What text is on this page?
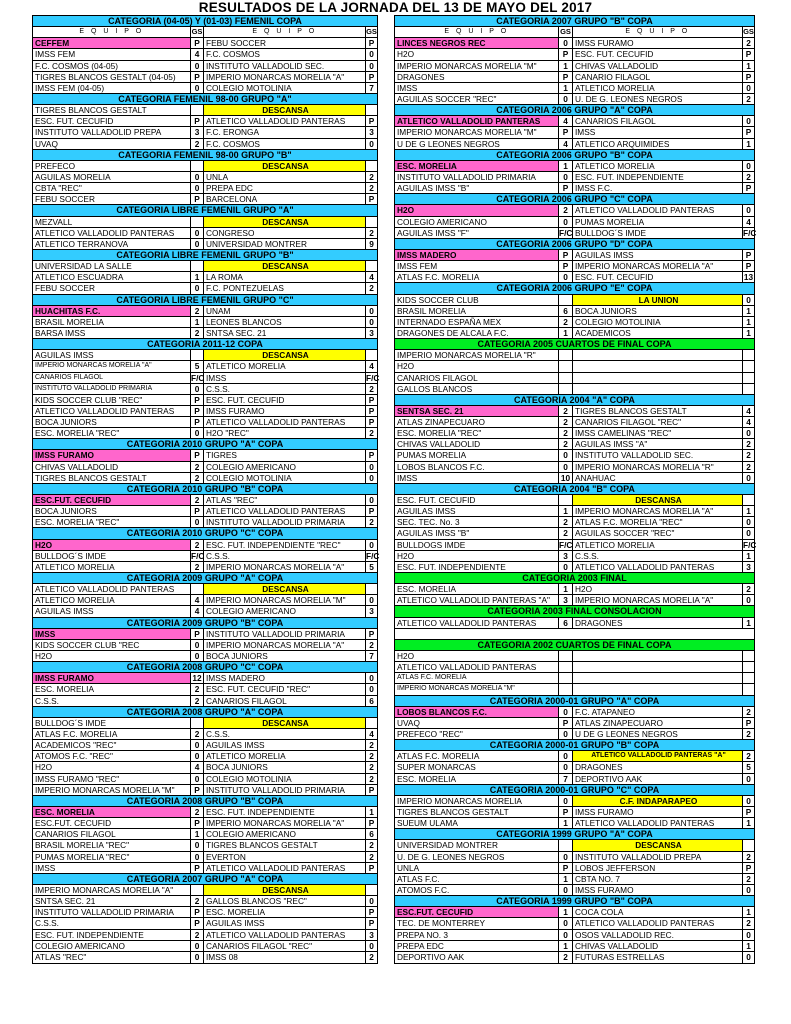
RESULTADOS DE LA JORNADA DEL 13 DE MAYO DEL 2017
CATEGORIA (04-05) Y (01-03) FEMENIL COPA
E Q U I P O	GS	E Q U I P O	GS
CEFFEM	P FEBU SOCCER	P
IMSS FEM	4 F.C. COSMOS	0
F.C. COSMOS (04-05)	0 INSTITUTO VALLADOLID SEC.	0
TIGRES BLANCOS GESTALT (04-05)	P IMPERIO MONARCAS MORELIA "A"	P
IMSS FEM (04-05)	0 COLEGIO MOTOLINIA	7
CATEGORIA FEMENIL 98-00 GRUPO "A"
TIGRES BLANCOS GESTALT	DESCANSA
ESC. FUT. CECUFID	P ATLETICO VALLADOLID PANTERAS	P
INSTITUTO VALLADOLID PREPA	3 F.C. ERONGA	3
UVAQ	2 F.C. COSMOS	0
CATEGORIA FEMENIL 98-00 GRUPO "B"
PREFECO	DESCANSA
AGUILAS MORELIA	0 UNLA	2
CBTA "REC"	0 PREPA EDC	2
FEBU SOCCER	P BARCELONA	P
CATEGORIA LIBRE FEMENIL GRUPO "A"
MEZVALL	DESCANSA
ATLETICO VALLADOLID PANTERAS	0 CONGRESO	2
ATLETICO TERRANOVA	0 UNIVERSIDAD MONTRER	9
CATEGORIA LIBRE FEMENIL GRUPO "B"
UNIVERSIDAD LA SALLE	DESCANSA
ATLETICO ESCUADRA	1 LA ROMA	4
FEBU SOCCER	0 F.C. PONTEZUELAS	2
CATEGORIA LIBRE FEMENIL GRUPO "C"
HUACHITAS F.C.	2 UNAM	0
BRASIL MORELIA	1 LEONES BLANCOS	0
BARSA IMSS	2 SNTSA SEC. 21	3
CATEGORIA 2011-12 COPA
AGUILAS IMSS	DESCANSA
IMPERIO MONARCAS MORELIA "A"	5 ATLETICO MORELIA	4
CANARIOS FILAGOL	F/C IMSS	F/C
INSTITUTO VALLADOLID PRIMARIA	0 C.S.S.	2
KIDS SOCCER CLUB "REC"	P ESC. FUT. CECUFID	P
ATLETICO VALLADOLID PANTERAS	P IMSS FURAMO	P
BOCA JUNIORS	P ATLETICO VALLADOLID PANTERAS	P
ESC. MORELIA "REC"	0 H2O "REC"	2
CATEGORIA 2010 GRUPO "A" COPA
IMSS FURAMO	P TIGRES	P
CHIVAS VALLADOLID	2 COLEGIO AMERICANO	0
TIGRES BLANCOS GESTALT	2 COLEGIO MOTOLINIA	0
CATEGORIA 2010 GRUPO "B" COPA
ESC.FUT. CECUFID	2 ATLAS "REC"	0
BOCA JUNIORS	P ATLETICO VALLADOLID PANTERAS	P
ESC. MORELIA "REC"	0 INSTITUTO VALLADOLID PRIMARIA	2
CATEGORIA 2010 GRUPO "C" COPA
H2O	2 ESC. FUT. INDEPENDIENTE "REC"	0
BULLDOG´S IMDE	F/C C.S.S.	F/C
ATLETICO MORELIA	2 IMPERIO MONARCAS MORELIA "A"	5
CATEGORIA 2009 GRUPO "A" COPA
ATLETICO VALLADOLID PANTERAS	DESCANSA
ATLETICO MORELIA	4 IMPERIO MONARCAS MORELIA "M"	0
AGUILAS IMSS	4 COLEGIO AMERICANO	3
CATEGORIA 2009 GRUPO "B" COPA
IMSS	P INSTITUTO VALLADOLID PRIMARIA	P
KIDS SOCCER CLUB "REC	0 IMPERIO MONARCAS MORELIA "A"	2
H2O	0 BOCA JUNIORS	7
CATEGORIA 2008 GRUPO "C" COPA
IMSS FURAMO	12 IMSS MADERO	0
ESC. MORELIA	2 ESC. FUT. CECUFID "REC"	0
C.S.S.	2 CANARIOS FILAGOL	6
CATEGORIA 2008 GRUPO "A" COPA
BULLDOG´S IMDE	DESCANSA
ATLAS F.C. MORELIA	2 C.S.S.	4
ACADEMICOS "REC"	0 AGUILAS IMSS	2
ATOMOS F.C. "REC"	0 ATLETICO MORELIA	2
H2O	4 BOCA JUNIORS	2
IMSS FURAMO "REC"	0 COLEGIO MOTOLINIA	2
IMPERIO MONARCAS MORELIA "M"	P INSTITUTO VALLADOLID PRIMARIA	P
CATEGORIA 2008 GRUPO "B" COPA
ESC. MORELIA	2 ESC. FUT. INDEPENDIENTE	1
ESC.FUT. CECUFID	P IMPERIO MONARCAS MORELIA "A"	P
CANARIOS FILAGOL	1 COLEGIO AMERICANO	6
BRASIL MORELIA "REC"	0 TIGRES BLANCOS GESTALT	2
PUMAS MORELIA "REC"	0 EVERTON	2
IMSS	P ATLETICO VALLADOLID PANTERAS	P
CATEGORIA 2007 GRUPO "A" COPA
IMPERIO MONARCAS MORELIA "A"	DESCANSA
SNTSA SEC. 21	2 GALLOS BLANCOS "REC"	0
INSTITUTO VALLADOLID PRIMARIA	P ESC. MORELIA	P
C.S.S.	P AGUILAS IMSS	P
ESC. FUT. INDEPENDIENTE	2 ATLETICO VALLADOLID PANTERAS	3
COLEGIO AMERICANO	0 CANARIOS FILAGOL "REC"	0
ATLAS "REC"	0 IMSS 08	2
CATEGORIA 2007 GRUPO "B" COPA
E Q U I P O	GS	E Q U I P O	GS
LINCES NEGROS REC	0 IMSS FURAMO	2
H2O	P ESC. FUT. CECUFID	P
IMPERIO MONARCAS MORELIA "M"	1 CHIVAS VALLADOLID	1
DRAGONES	P CANARIO FILAGOL	P
IMSS	1 ATLETICO MORELIA	0
AGUILAS SOCCER "REC"	0 U. DE G. LEONES NEGROS	2
CATEGORIA 2006 GRUPO "A" COPA
ATLETICO VALLADOLID PANTERAS	4 CANARIOS FILAGOL	0
IMPERIO MONARCAS MORELIA "M"	P IMSS	P
U DE G LEONES NEGROS	4 ATLETICO ARQUIMIDES	1
CATEGORIA 2006 GRUPO "B" COPA
ESC. MORELIA	1 ATLETICO MORELIA	0
INSTITUTO VALLADOLID PRIMARIA	0 ESC. FUT. INDEPENDIENTE	2
AGUILAS IMSS "B"	P IMSS F.C.	P
CATEGORIA 2006 GRUPO "C" COPA
H2O	2 ATLETICO VALLADOLID PANTERAS	0
COLEGIO AMERICANO	0 PUMAS MORELIA	4
AGUILAS IMSS "F"	F/C BULLDOG´S IMDE	F/C
CATEGORIA 2006 GRUPO "D" COPA
IMSS MADERO	P AGUILAS IMSS	P
IMSS FEM	P IMPERIO MONARCAS MORELIA "A"	P
ATLAS F.C. MORELIA	0 ESC. FUT. CECUFID	13
CATEGORIA 2006 GRUPO "E" COPA
KIDS SOCCER CLUB	LA UNION	0
BRASIL MORELIA	6 BOCA JUNIORS	1
INTERNADO ESPAÑA MEX	2 COLEGIO MOTOLINIA	1
DRAGONES DE ALCALA F.C.	1 ACADEMICOS	1
CATEGORIA 2005 CUARTOS DE FINAL COPA
IMPERIO MONARCAS MORELIA "R"
H2O
CANARIOS FILAGOL
GALLOS BLANCOS
CATEGORIA 2004 "A" COPA
SENTSA SEC. 21	2 TIGRES BLANCOS GESTALT	4
ATLAS ZINAPECUARO	2 CANARIOS FILAGOL "REC"	4
ESC. MORELIA "REC"	2 IMSS CAMELINAS "REC"	0
CHIVAS VALLADOLID	2 AGUILAS IMSS "A"	2
PUMAS MORELIA	0 INSTITUTO VALLADOLID SEC.	2
LOBOS BLANCOS F.C.	0 IMPERIO MONARCAS MORELIA "R"	2
IMSS	10 ANAHUAC	0
CATEGORIA 2004 "B" COPA
ESC. FUT. CECUFID	DESCANSA
AGUILAS IMSS	1 IMPERIO MONARCAS MORELIA "A"	1
SEC. TEC. No. 3	2 ATLAS F.C. MORELIA "REC"	0
AGUILAS IMSS "B"	2 AGUILAS SOCCER "REC"	0
BULLDOGS IMDE	F/C ATLETICO MORELIA	F/C
H2O	3 C.S.S.	1
ESC. FUT. INDEPENDIENTE	0 ATLETICO VALLADOLID PANTERAS	3
CATEGORIA 2003 FINAL
ESC. MORELIA	1 H2O	2
ATLETICO VALLADOLID PANTERAS "A"	3 IMPERIO MONARCAS MORELIA "A"	0
CATEGORIA 2003 FINAL CONSOLACION
ATLETICO VALLADOLID PANTERAS	6 DRAGONES	1
CATEGORIA 2002 CUARTOS DE FINAL COPA
H2O
ATLETICO VALLADOLID PANTERAS
ATLAS F.C. MORELIA
IMPERIO MONARCAS MORELIA "M"
CATEGORIA 2000-01 GRUPO "A" COPA
LOBOS BLANCOS F.C.	0 F.C. ATAPANEO	2
UVAQ	P ATLAS ZINAPECUARO	P
PREFECO "REC"	0 U DE G LEONES NEGROS	2
CATEGORIA 2000-01 GRUPO "B" COPA
ATLAS F.C. MORELIA	0	ATLETICO VALLADOLID PANTERAS "A"	2
SUPER MONARCAS	0 DRAGONES	5
ESC. MORELIA	7 DEPORTIVO AAK	0
CATEGORIA 2000-01 GRUPO "C" COPA
IMPERIO MONARCAS MORELIA	0	C.F. INDAPARAPEO	0
TIGRES BLANCOS GESTALT	P IMSS FURAMO	P
SUEUM ULAMA	1 ATLETICO VALLADOLID PANTERAS	1
CATEGORIA 1999 GRUPO "A" COPA
UNIVERSIDAD MONTRER	DESCANSA
U. DE G. LEONES NEGROS	0 INSTITUTO VALLADOLID PREPA	2
UNLA	P LOBOS JEFFERSON	P
ATLAS F.C.	1 CBTA NO. 7	2
ATOMOS F.C.	0 IMSS FURAMO	0
CATEGORIA 1999 GRUPO "B" COPA
ESC.FUT. CECUFID	1 COCA COLA	1
TEC. DE MONTERREY	0 ATLETICO VALLADOLID PANTERAS	2
PREPA NO. 3	0 OSOS VALLADOLID REC.	0
PREPA EDC	1 CHIVAS VALLADOLID	1
DEPORTIVO AAK	2 FUTURAS ESTRELLAS	0
